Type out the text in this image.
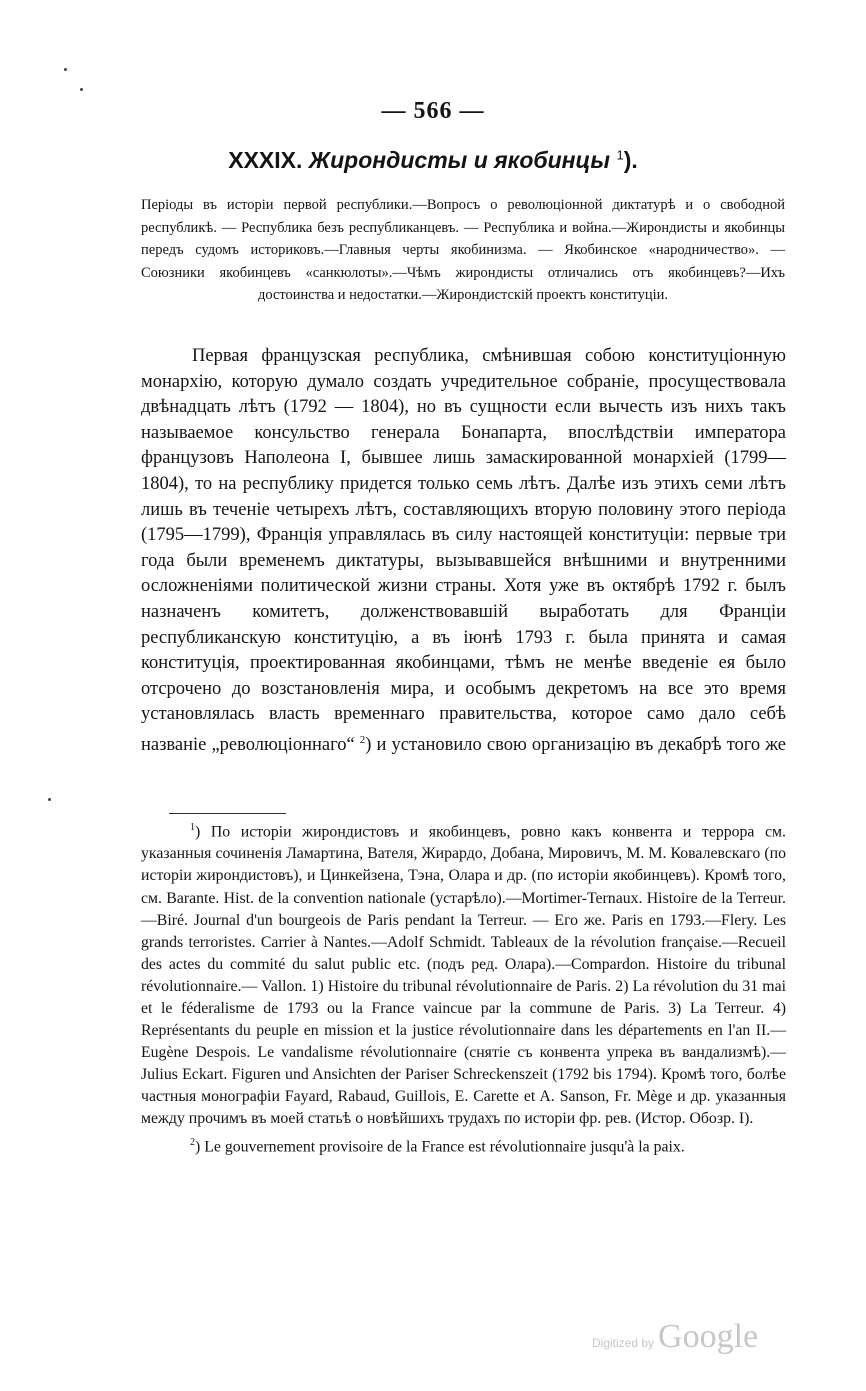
— 566 —
XXXIX. Жирондисты и якобинцы $^1$).
Періоды въ исторіи первой республики.—Вопросъ о революціонной диктатурѣ и о свободной республикѣ. — Республика безъ республиканцевъ. — Республика и война.—Жирондисты и якобинцы передъ судомъ историковъ.—Главныя черты якобинизма. — Якобинское «народничество». — Союзники якобинцевъ «санкюлоты».—Чѣмъ жирондисты отличались отъ якобинцевъ?—Ихъ достоинства и недостатки.—Жирондистскій проектъ конституціи.
Первая французская республика, смѣнившая собою конституціонную монархію, которую думало создать учредительное собраніе, просуществовала двѣнадцать лѣтъ (1792 — 1804), но въ сущности если вычесть изъ нихъ такъ называемое консульство генерала Бонапарта, впослѣдствіи императора французовъ Наполеона I, бывшее лишь замаскированной монархіей (1799—1804), то на республику придется только семь лѣтъ. Далѣе изъ этихъ семи лѣтъ лишь въ теченіе четырехъ лѣтъ, составляющихъ вторую половину этого періода (1795—1799), Франція управлялась въ силу настоящей конституціи: первые три года были временемъ диктатуры, вызывавшейся внѣшними и внутренними осложненіями политической жизни страны. Хотя уже въ октябрѣ 1792 г. былъ назначенъ комитетъ, долженствовавшій выработать для Франціи республиканскую конституцію, а въ іюнѣ 1793 г. была принята и самая конституція, проектированная якобинцами, тѣмъ не менѣе введеніе ея было отсрочено до возстановленія мира, и особымъ декретомъ на все это время установлялась власть временнаго правительства, которое само дало себѣ названіе „революціоннаго“ $^2$) и установило свою организацію въ декабрѣ того же

$^1$) По исторіи жирондистовъ и якобинцевъ, ровно какъ конвента и террора см. указанныя сочиненія Ламартина, Вателя, Жирардо, Добана, Мировичъ, М. М. Ковалевскаго (по исторіи жирондистовъ), и Цинкейзена, Тэна, Олара и др. (по исторіи якобинцевъ). Кромѣ того, см. Barante. Hist. de la convention nationale (устарѣло).—Mortimer-Ternaux. Histoire de la Terreur.—Biré. Journal d'un bourgeois de Paris pendant la Terreur. — Его же. Paris en 1793.—Flery. Les grands terroristes. Carrier à Nantes.—Adolf Schmidt. Tableaux de la révolution française.—Recueil des actes du commité du salut public etc. (подъ ред. Олара).—Compardon. Histoire du tribunal révolutionnaire.— Vallon. 1) Histoire du tribunal révolutionnaire de Paris. 2) La révolution du 31 mai et le féderalisme de 1793 ou la France vaincue par la commune de Paris. 3) La Terreur. 4) Représentants du peuple en mission et la justice révolutionnaire dans les départements en l'an II.—Eugène Despois. Le vandalisme révolutionnaire (снятіе съ конвента упрека въ вандализмѣ).—Julius Eckart. Figuren und Ansichten der Pariser Schreckenszeit (1792 bis 1794). Кромѣ того, болѣе частныя монографіи Fayard, Rabaud, Guillois, E. Carette et A. Sanson, Fr. Mège и др. указанныя между прочимъ въ моей статьѣ о новѣйшихъ трудахъ по исторіи фр. рев. (Истор. Обозр. I).

$^2$) Le gouvernement provisoire de la France est révolutionnaire jusqu'à la paix.

Digitized by Google
